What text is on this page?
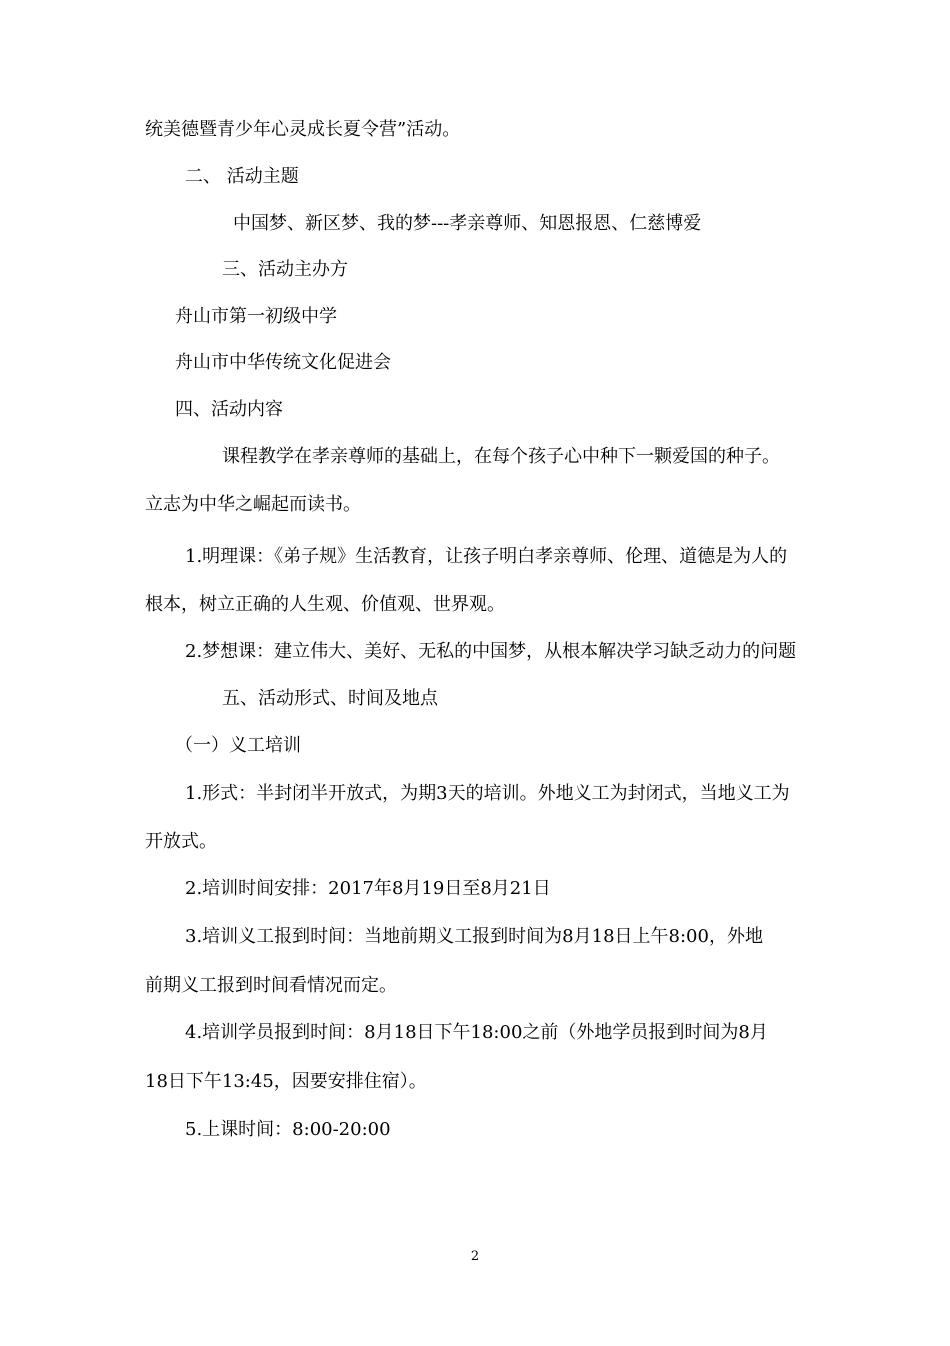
统美德暨青少年心灵成长夏令营”活动。
二、 活动主题
中国梦、新区梦、我的梦---孝亲尊师、知恩报恩、仁慈博爱
三、活动主办方
舟山市第一初级中学
舟山市中华传统文化促进会
四、活动内容
课程教学在孝亲尊师的基础上，在每个孩子心中种下一颗爱国的种子。
立志为中华之崛起而读书。
1.明理课：《弟子规》生活教育，让孩子明白孝亲尊师、伦理、道德是为人的
根本，树立正确的人生观、价值观、世界观。
2.梦想课：建立伟大、美好、无私的中国梦，从根本解决学习缺乏动力的问题
五、活动形式、时间及地点
（一）义工培训
1.形式：半封闭半开放式，为期3天的培训。外地义工为封闭式，当地义工为
开放式。
2.培训时间安排：2017年8月19日至8月21日
3.培训义工报到时间：当地前期义工报到时间为8月18日上午8:00，外地
前期义工报到时间看情况而定。
4.培训学员报到时间：8月18日下午18:00之前（外地学员报到时间为8月
18日下午13:45，因要安排住宿）。
5.上课时间：8:00-20:00
2
